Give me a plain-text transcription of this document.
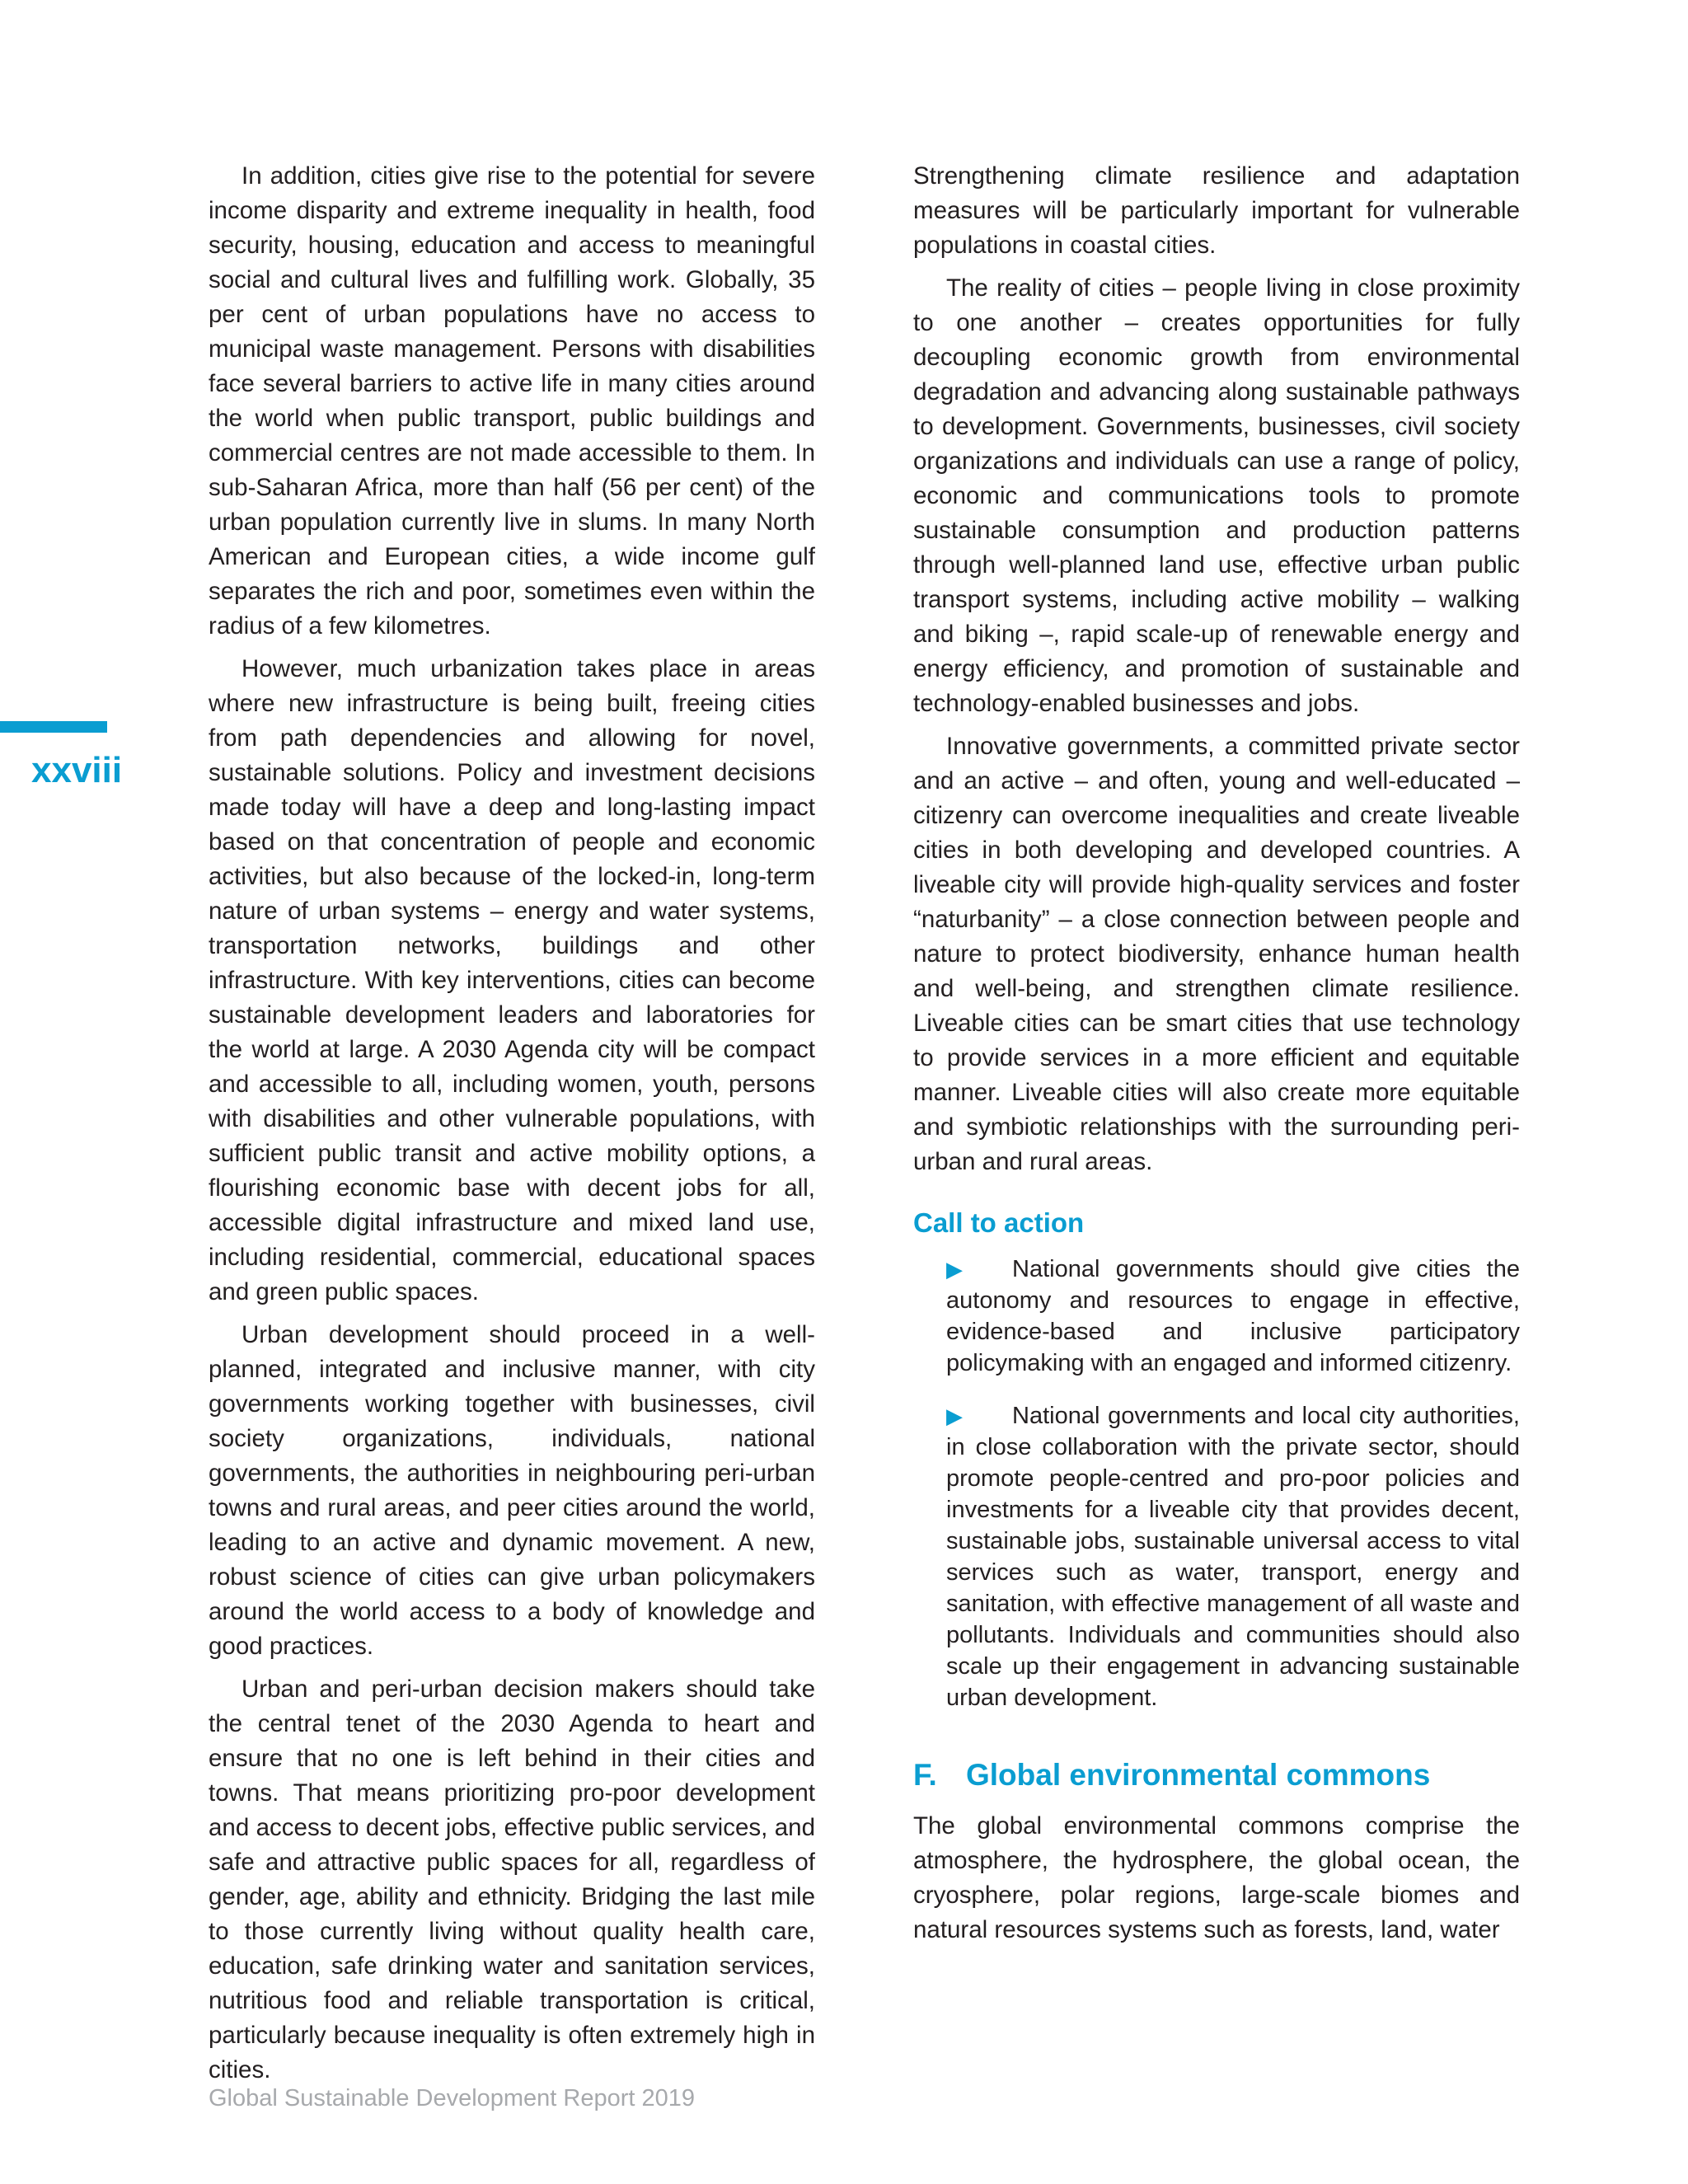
xxviii

In addition, cities give rise to the potential for severe income disparity and extreme inequality in health, food security, housing, education and access to meaningful social and cultural lives and fulfilling work. Globally, 35 per cent of urban populations have no access to municipal waste management. Persons with disabilities face several barriers to active life in many cities around the world when public transport, public buildings and commercial centres are not made accessible to them. In sub-Saharan Africa, more than half (56 per cent) of the urban population currently live in slums. In many North American and European cities, a wide income gulf separates the rich and poor, sometimes even within the radius of a few kilometres.

However, much urbanization takes place in areas where new infrastructure is being built, freeing cities from path dependencies and allowing for novel, sustainable solutions. Policy and investment decisions made today will have a deep and long-lasting impact based on that concentration of people and economic activities, but also because of the locked-in, long-term nature of urban systems – energy and water systems, transportation networks, buildings and other infrastructure. With key interventions, cities can become sustainable development leaders and laboratories for the world at large. A 2030 Agenda city will be compact and accessible to all, including women, youth, persons with disabilities and other vulnerable populations, with sufficient public transit and active mobility options, a flourishing economic base with decent jobs for all, accessible digital infrastructure and mixed land use, including residential, commercial, educational spaces and green public spaces.

Urban development should proceed in a well-planned, integrated and inclusive manner, with city governments working together with businesses, civil society organizations, individuals, national governments, the authorities in neighbouring peri-urban towns and rural areas, and peer cities around the world, leading to an active and dynamic movement. A new, robust science of cities can give urban policymakers around the world access to a body of knowledge and good practices.

Urban and peri-urban decision makers should take the central tenet of the 2030 Agenda to heart and ensure that no one is left behind in their cities and towns. That means prioritizing pro-poor development and access to decent jobs, effective public services, and safe and attractive public spaces for all, regardless of gender, age, ability and ethnicity. Bridging the last mile to those currently living without quality health care, education, safe drinking water and sanitation services, nutritious food and reliable transportation is critical, particularly because inequality is often extremely high in cities.

Strengthening climate resilience and adaptation measures will be particularly important for vulnerable populations in coastal cities.

The reality of cities – people living in close proximity to one another – creates opportunities for fully decoupling economic growth from environmental degradation and advancing along sustainable pathways to development. Governments, businesses, civil society organizations and individuals can use a range of policy, economic and communications tools to promote sustainable consumption and production patterns through well-planned land use, effective urban public transport systems, including active mobility – walking and biking –, rapid scale-up of renewable energy and energy efficiency, and promotion of sustainable and technology-enabled businesses and jobs.

Innovative governments, a committed private sector and an active – and often, young and well-educated – citizenry can overcome inequalities and create liveable cities in both developing and developed countries. A liveable city will provide high-quality services and foster “naturbanity” – a close connection between people and nature to protect biodiversity, enhance human health and well-being, and strengthen climate resilience. Liveable cities can be smart cities that use technology to provide services in a more efficient and equitable manner. Liveable cities will also create more equitable and symbiotic relationships with the surrounding peri-urban and rural areas.

Call to action
▶ National governments should give cities the autonomy and resources to engage in effective, evidence-based and inclusive participatory policymaking with an engaged and informed citizenry.
▶ National governments and local city authorities, in close collaboration with the private sector, should promote people-centred and pro-poor policies and investments for a liveable city that provides decent, sustainable jobs, sustainable universal access to vital services such as water, transport, energy and sanitation, with effective management of all waste and pollutants. Individuals and communities should also scale up their engagement in advancing sustainable urban development.
F. Global environmental commons

The global environmental commons comprise the atmosphere, the hydrosphere, the global ocean, the cryosphere, polar regions, large-scale biomes and natural resources systems such as forests, land, water

Global Sustainable Development Report 2019
